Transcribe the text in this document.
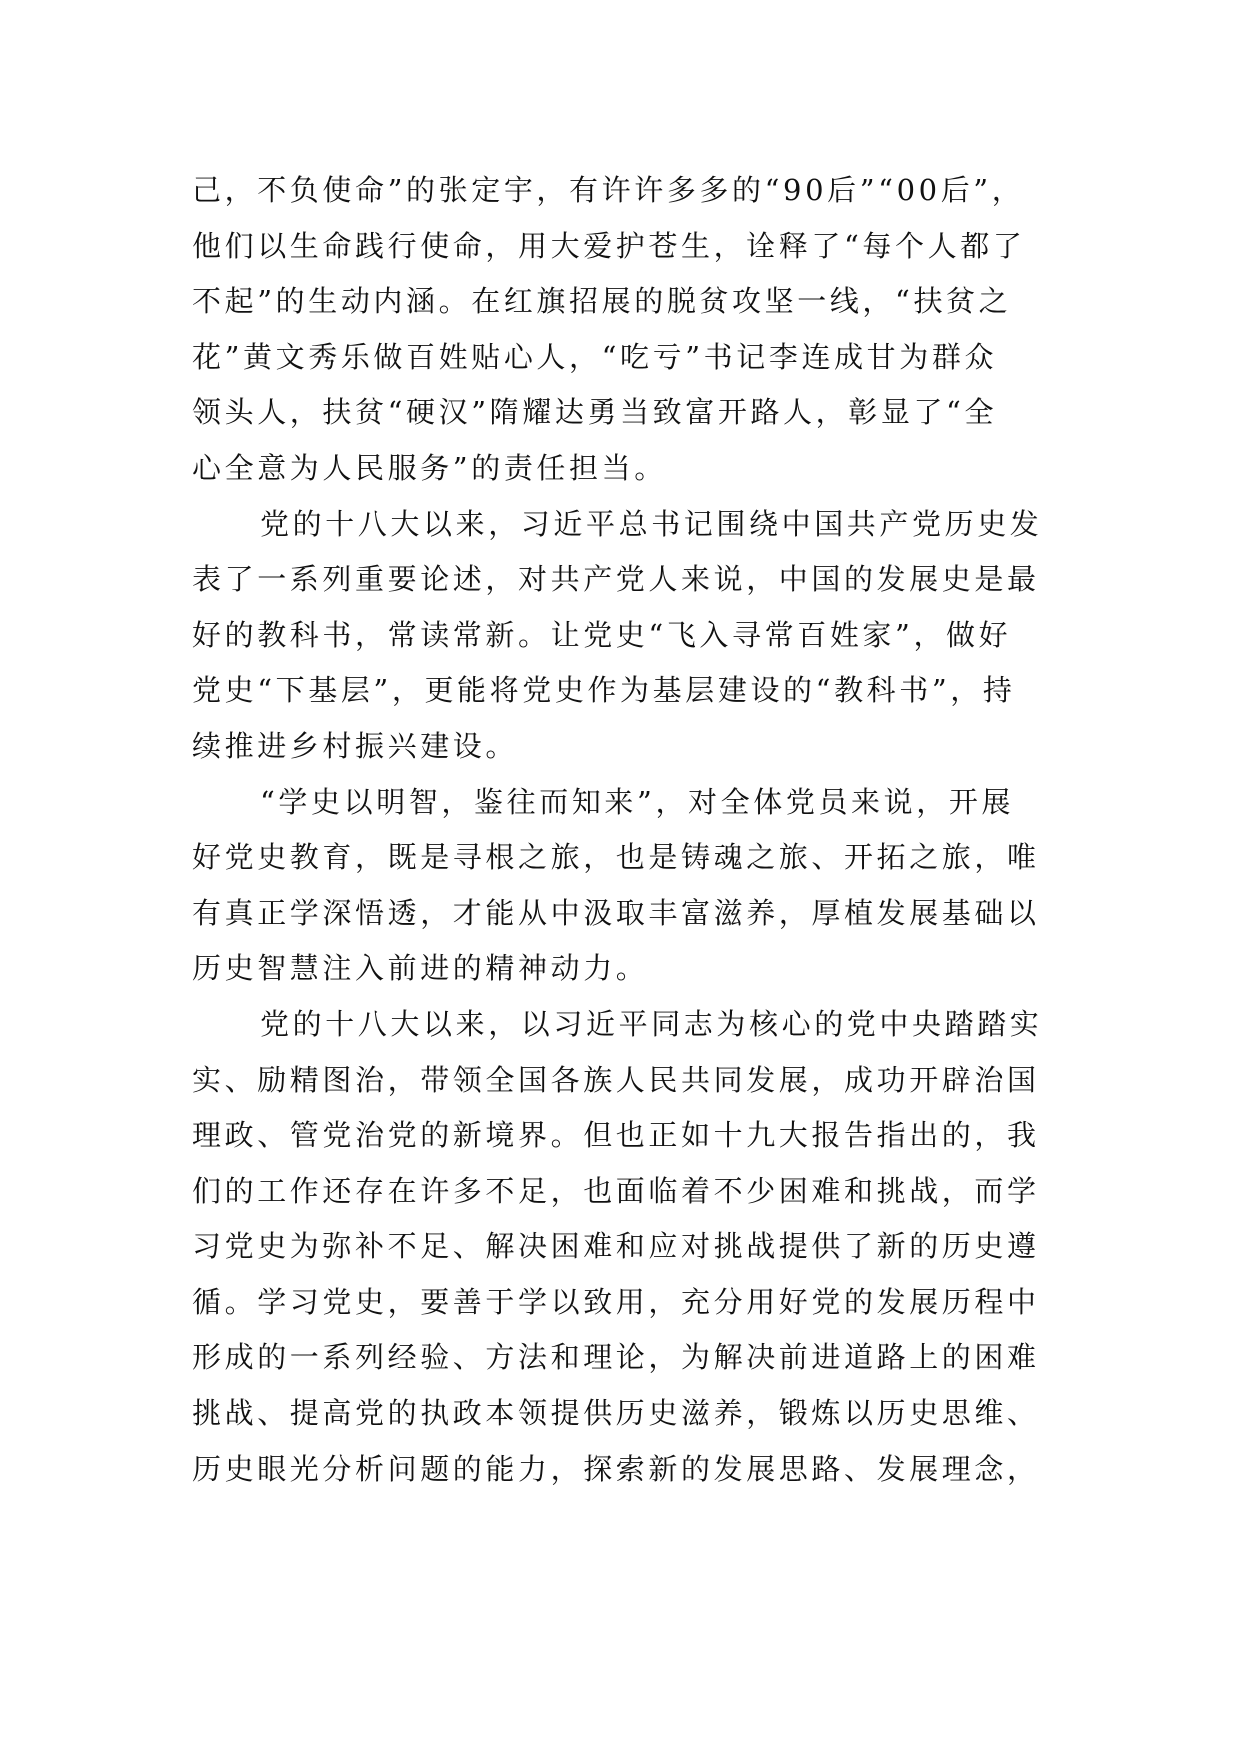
己，不负使命”的张定宇，有许许多多的“90后”“00后”，
他们以生命践行使命，用大爱护苍生，诠释了“每个人都了
不起”的生动内涵。在红旗招展的脱贫攻坚一线，“扶贫之
花”黄文秀乐做百姓贴心人，“吃亏”书记李连成甘为群众
领头人，扶贫“硬汉”隋耀达勇当致富开路人，彰显了“全
心全意为人民服务”的责任担当。
党的十八大以来，习近平总书记围绕中国共产党历史发
表了一系列重要论述，对共产党人来说，中国的发展史是最
好的教科书，常读常新。让党史“飞入寻常百姓家”，做好
党史“下基层”，更能将党史作为基层建设的“教科书”，持
续推进乡村振兴建设。
“学史以明智，鉴往而知来”，对全体党员来说，开展
好党史教育，既是寻根之旅，也是铸魂之旅、开拓之旅，唯
有真正学深悟透，才能从中汲取丰富滋养，厚植发展基础以
历史智慧注入前进的精神动力。
党的十八大以来，以习近平同志为核心的党中央踏踏实
实、励精图治，带领全国各族人民共同发展，成功开辟治国
理政、管党治党的新境界。但也正如十九大报告指出的，我
们的工作还存在许多不足，也面临着不少困难和挑战，而学
习党史为弥补不足、解决困难和应对挑战提供了新的历史遵
循。学习党史，要善于学以致用，充分用好党的发展历程中
形成的一系列经验、方法和理论，为解决前进道路上的困难
挑战、提高党的执政本领提供历史滋养，锻炼以历史思维、
历史眼光分析问题的能力，探索新的发展思路、发展理念，
